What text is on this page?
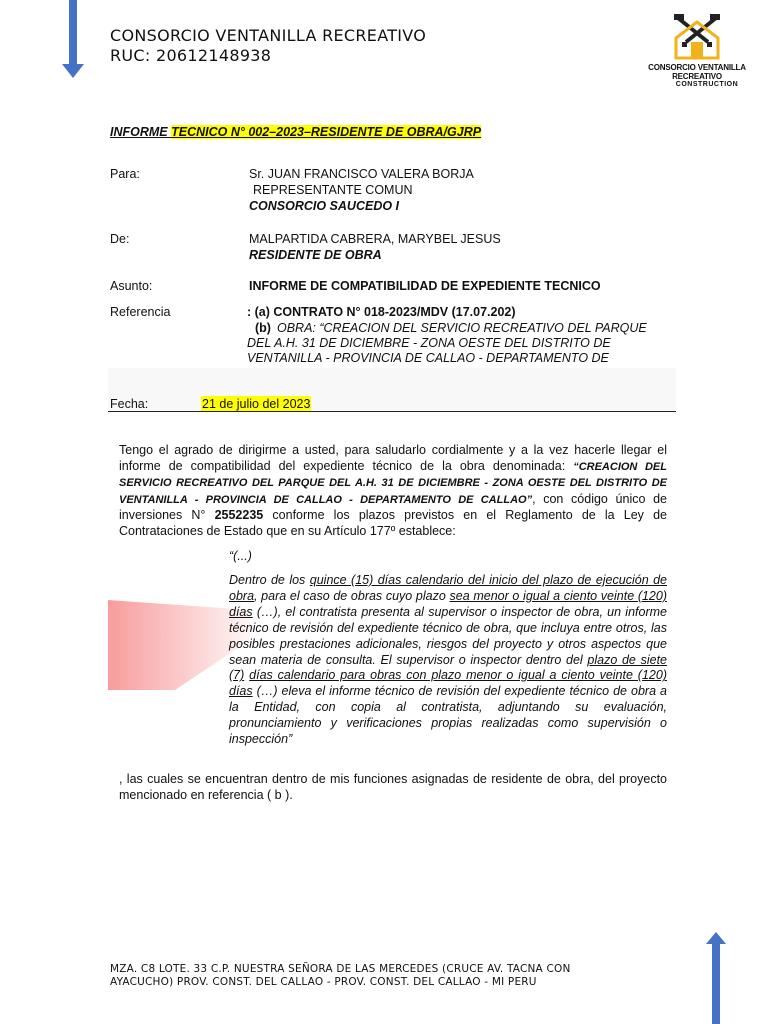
CONSORCIO VENTANILLA RECREATIVO
RUC: 20612148938
CONSORCIO VENTANILLA RECREATIVO
CONSTRUCTION
INFORME TECNICO N° 002–2023–RESIDENTE DE OBRA/GJRP
Para:	Sr. JUAN FRANCISCO VALERA BORJA
REPRESENTANTE COMUN
CONSORCIO SAUCEDO I
De:	MALPARTIDA CABRERA, MARYBEL JESUS
RESIDENTE DE OBRA
Asunto:	INFORME DE COMPATIBILIDAD DE EXPEDIENTE TECNICO
Referencia	: (a) CONTRATO N° 018-2023/MDV (17.07.202)
(b) OBRA: “CREACION DEL SERVICIO RECREATIVO DEL PARQUE
DEL A.H. 31 DE DICIEMBRE - ZONA OESTE DEL DISTRITO DE
VENTANILLA - PROVINCIA DE CALLAO - DEPARTAMENTO DE
Fecha:	21 de julio del 2023
Tengo el agrado de dirigirme a usted, para saludarlo cordialmente y a la vez hacerle llegar el informe de compatibilidad del expediente técnico de la obra denominada: “CREACION DEL SERVICIO RECREATIVO DEL PARQUE DEL A.H. 31 DE DICIEMBRE - ZONA OESTE DEL DISTRITO DE VENTANILLA - PROVINCIA DE CALLAO - DEPARTAMENTO DE CALLAO”, con código único de inversiones N° 2552235 conforme los plazos previstos en el Reglamento de la Ley de Contrataciones de Estado que en su Artículo 177º establece:
“(...)
Dentro de los quince (15) días calendario del inicio del plazo de ejecución de obra, para el caso de obras cuyo plazo sea menor o igual a ciento veinte (120) días (…), el contratista presenta al supervisor o inspector de obra, un informe técnico de revisión del expediente técnico de obra, que incluya entre otros, las posibles prestaciones adicionales, riesgos del proyecto y otros aspectos que sean materia de consulta. El supervisor o inspector dentro del plazo de siete (7) días calendario para obras con plazo menor o igual a ciento veinte (120) días (…) eleva el informe técnico de revisión del expediente técnico de obra a la Entidad, con copia al contratista, adjuntando su evaluación, pronunciamiento y verificaciones propias realizadas como supervisión o inspección”
, las cuales se encuentran dentro de mis funciones asignadas de residente de obra, del proyecto mencionado en referencia ( b ).
MZA. C8 LOTE. 33 C.P. NUESTRA SEÑORA DE LAS MERCEDES (CRUCE AV. TACNA CON
AYACUCHO) PROV. CONST. DEL CALLAO - PROV. CONST. DEL CALLAO - MI PERU
